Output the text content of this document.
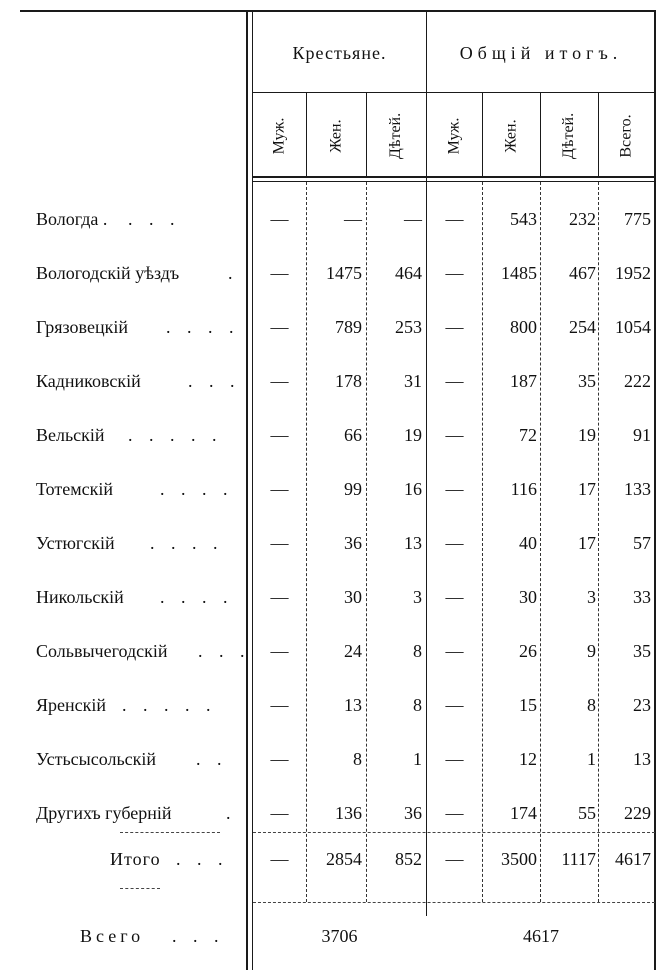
Крестьяне.	Общій итогъ.
Муж.	Жен.	Дѣтей.	Муж.	Жен.	Дѣтей.	Всего.
Вологда . . . .	—	—	—	—	543	232	775
Вологодскій уѣздъ	.	—	1475	464	—	1485	467	1952
Грязовецкій . . . .	—	789	253	—	800	254	1054
Кадниковскій	. . .	—	178	31	—	187	35	222
Вельскій . . . . .	—	66	19	—	72	19	91
Тотемскій	. . . .	—	99	16	—	116	17	133
Устюгскій . . . .	—	36	13	—	40	17	57
Никольскій . . . .	—	30	3	—	30	3	33
Сольвычегодскій . . .	—	24	8	—	26	9	35
Яренскій . . . . .	—	13	8	—	15	8	23
Устьсысольскій . .	—	8	1	—	12	1	13
Другихъ губерній	.	—	136	36	—	174	55	229
Итого . . .	—	2854	852	—	3500	1117	4617
Всего . . .	3706	4617
